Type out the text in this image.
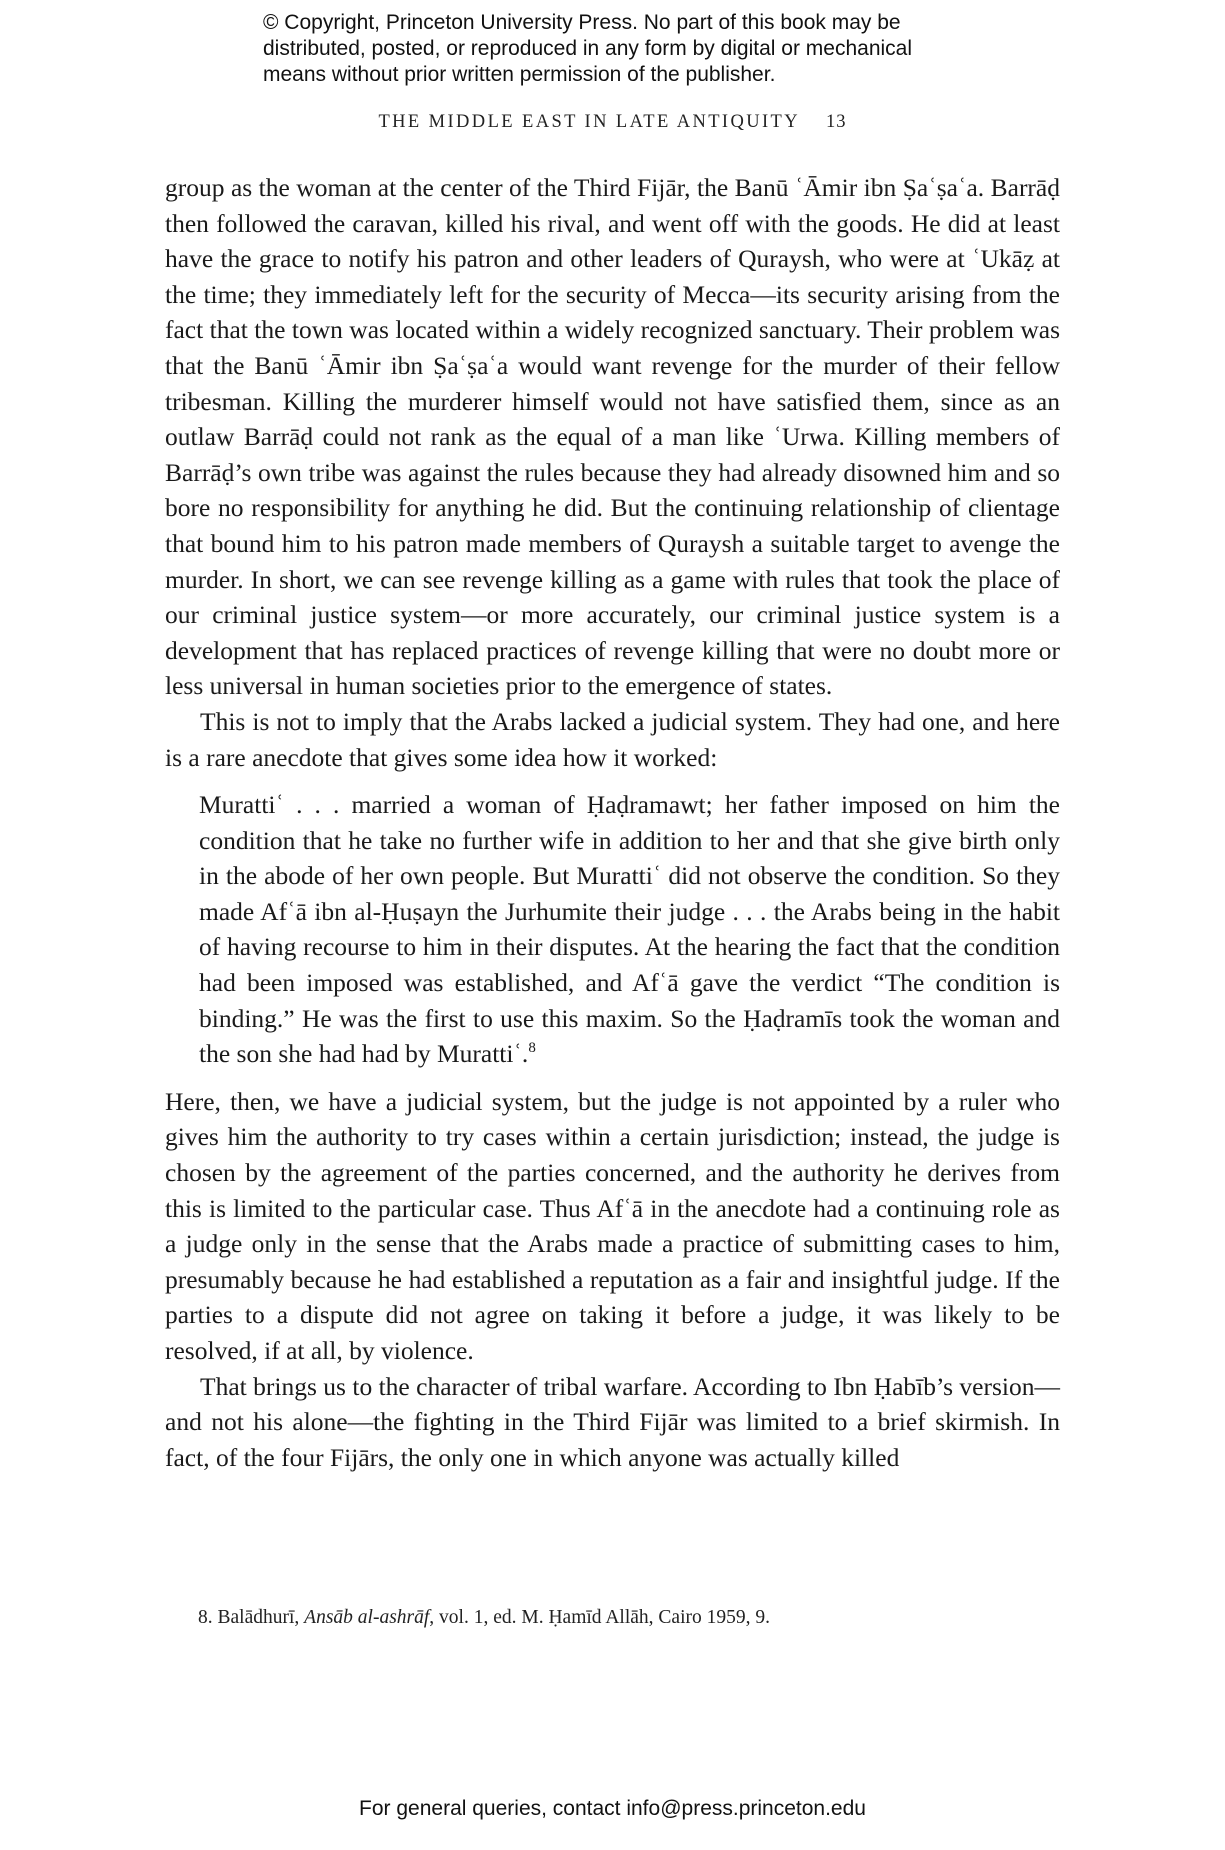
© Copyright, Princeton University Press. No part of this book may be
distributed, posted, or reproduced in any form by digital or mechanical
means without prior written permission of the publisher.
THE MIDDLE EAST IN LATE ANTIQUITY 13

group as the woman at the center of the Third Fijār, the Banū ʿĀmir ibn Ṣaʿṣaʿa. Barrāḍ then followed the caravan, killed his rival, and went off with the goods. He did at least have the grace to notify his patron and other leaders of Quraysh, who were at ʿUkāẓ at the time; they immediately left for the security of Mecca—its security arising from the fact that the town was located within a widely recognized sanctuary. Their problem was that the Banū ʿĀmir ibn Ṣaʿṣaʿa would want revenge for the murder of their fellow tribesman. Killing the murderer himself would not have satisfied them, since as an outlaw Barrāḍ could not rank as the equal of a man like ʿUrwa. Killing members of Barrāḍ’s own tribe was against the rules because they had already disowned him and so bore no responsibility for anything he did. But the continuing relationship of clientage that bound him to his patron made members of Quraysh a suitable target to avenge the murder. In short, we can see revenge killing as a game with rules that took the place of our criminal justice system—or more accurately, our criminal justice system is a development that has replaced practices of revenge killing that were no doubt more or less universal in human societies prior to the emergence of states.

This is not to imply that the Arabs lacked a judicial system. They had one, and here is a rare anecdote that gives some idea how it worked:

Murattiʿ . . . married a woman of Ḥaḍramawt; her father imposed on him the condition that he take no further wife in addition to her and that she give birth only in the abode of her own people. But Murattiʿ did not observe the condition. So they made Afʿā ibn al-Ḥuṣayn the Jurhumite their judge . . . the Arabs being in the habit of having recourse to him in their disputes. At the hearing the fact that the condition had been imposed was established, and Afʿā gave the verdict “The condition is binding.” He was the first to use this maxim. So the Ḥaḍramīs took the woman and the son she had had by Murattiʿ.$^8$

Here, then, we have a judicial system, but the judge is not appointed by a ruler who gives him the authority to try cases within a certain jurisdiction; instead, the judge is chosen by the agreement of the parties concerned, and the authority he derives from this is limited to the particular case. Thus Afʿā in the anecdote had a continuing role as a judge only in the sense that the Arabs made a practice of submitting cases to him, presumably because he had established a reputation as a fair and insightful judge. If the parties to a dispute did not agree on taking it before a judge, it was likely to be resolved, if at all, by violence.

That brings us to the character of tribal warfare. According to Ibn Ḥabīb’s version—and not his alone—the fighting in the Third Fijār was limited to a brief skirmish. In fact, of the four Fijārs, the only one in which anyone was actually killed

8. Balādhurī, Ansāb al-ashrāf, vol. 1, ed. M. Ḥamīd Allāh, Cairo 1959, 9.
For general queries, contact info@press.princeton.edu
